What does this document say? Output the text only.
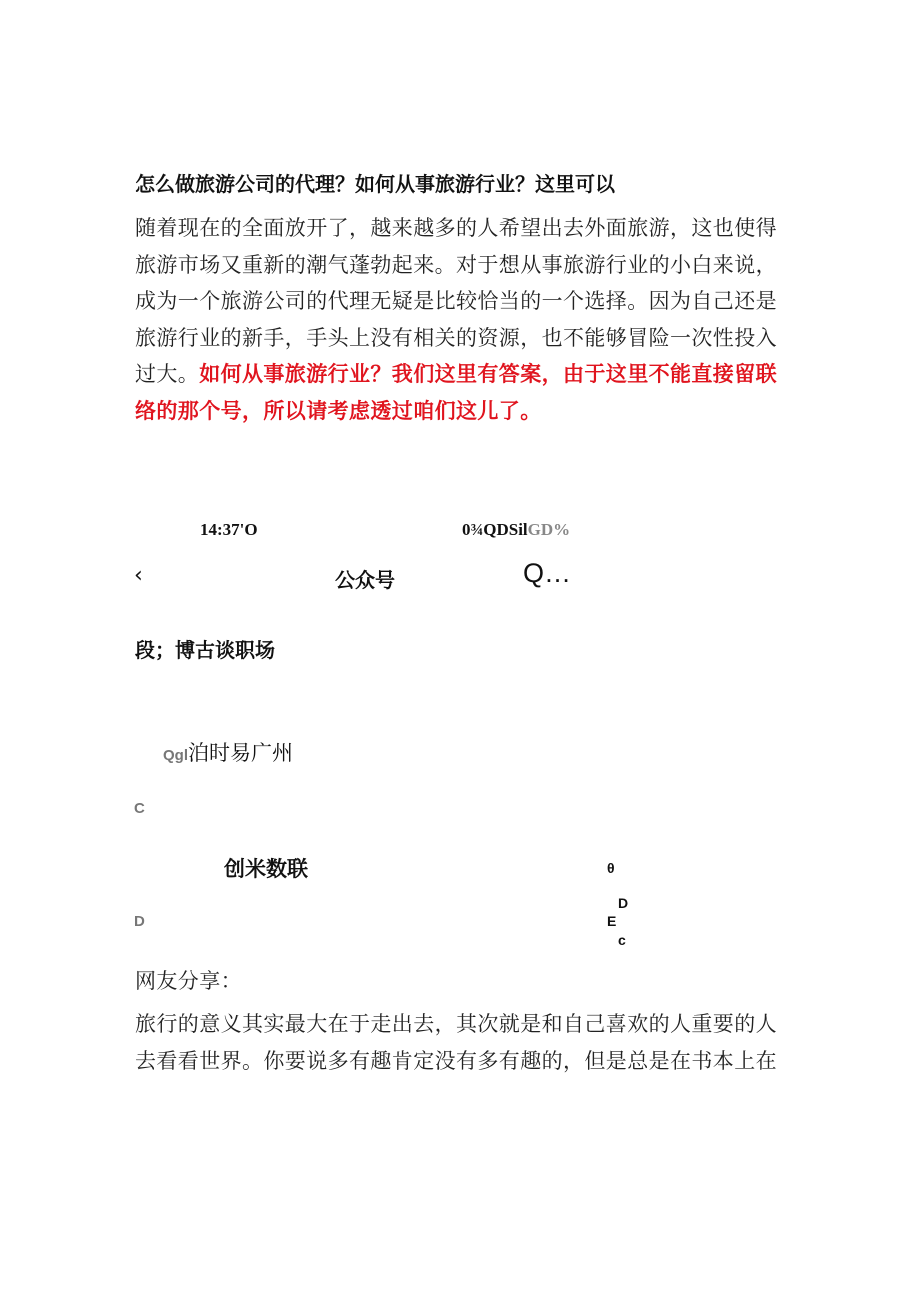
怎么做旅游公司的代理？如何从事旅游行业？这里可以
随着现在的全面放开了，越来越多的人希望出去外面旅游，这也使得
旅游市场又重新的潮气蓬勃起来。对于想从事旅游行业的小白来说，
成为一个旅游公司的代理无疑是比较恰当的一个选择。因为自己还是
旅游行业的新手，手头上没有相关的资源，也不能够冒险一次性投入
过大。如何从事旅游行业？我们这里有答案，由于这里不能直接留联
络的那个号，所以请考虑透过咱们这儿了。
14:37'O	0¾QDSilGD%
‹	公众号	Q…
段；博古谈职场
Qgl泊时易广州
C
创米数联	θ
D
D
E
c
网友分享：
旅行的意义其实最大在于走出去，其次就是和自己喜欢的人重要的人
去看看世界。你要说多有趣肯定没有多有趣的，但是总是在书本上在
